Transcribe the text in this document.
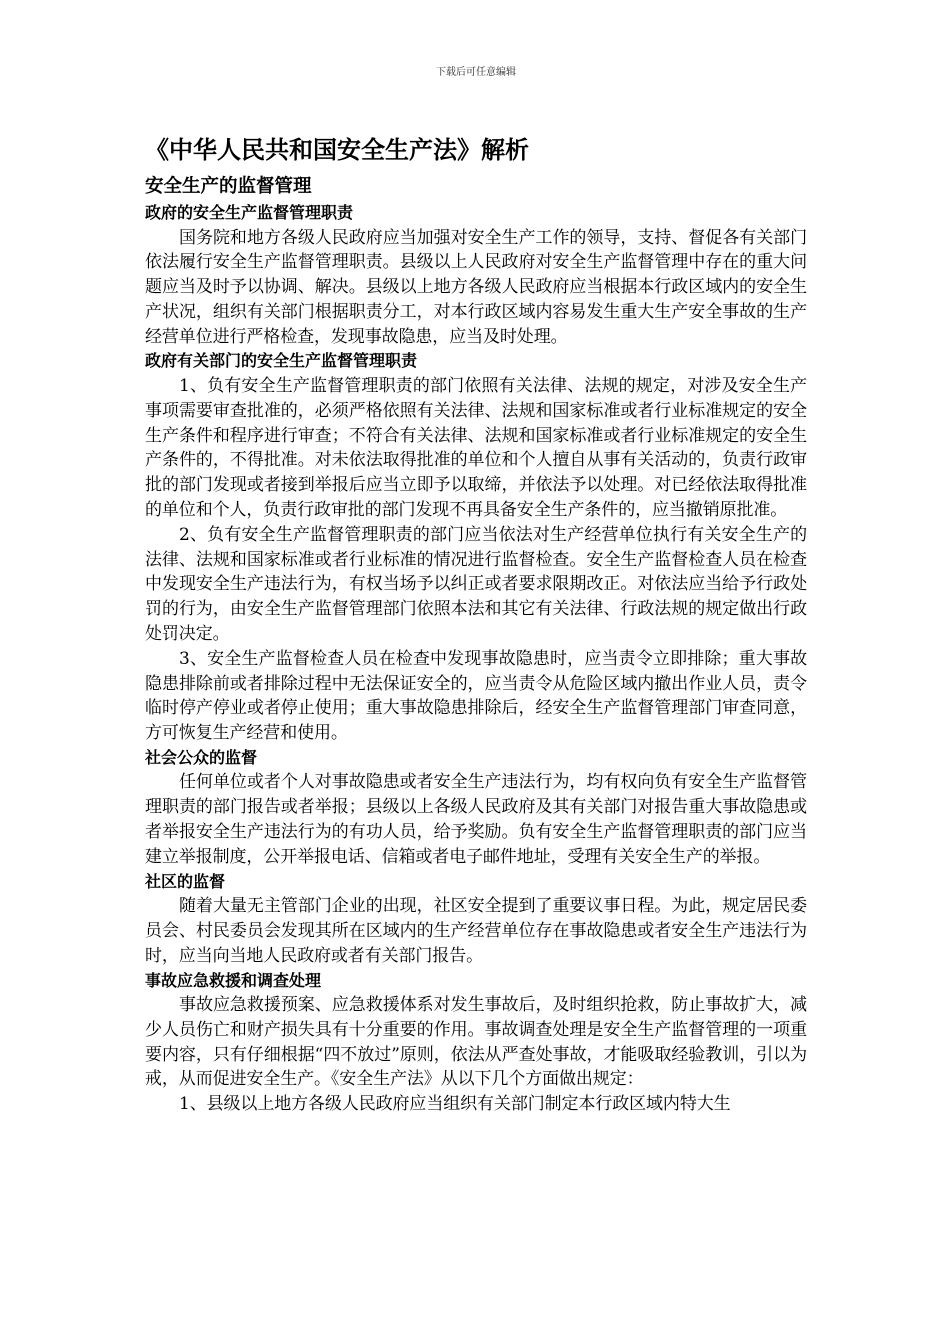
下载后可任意编辑
《中华人民共和国安全生产法》解析
安全生产的监督管理
政府的安全生产监督管理职责

国务院和地方各级人民政府应当加强对安全生产工作的领导，支持、督促各有关部门依法履行安全生产监督管理职责。县级以上人民政府对安全生产监督管理中存在的重大问题应当及时予以协调、解决。县级以上地方各级人民政府应当根据本行政区域内的安全生产状况，组织有关部门根据职责分工，对本行政区域内容易发生重大生产安全事故的生产经营单位进行严格检查，发现事故隐患，应当及时处理。

政府有关部门的安全生产监督管理职责

1、负有安全生产监督管理职责的部门依照有关法律、法规的规定，对涉及安全生产事项需要审查批准的，必须严格依照有关法律、法规和国家标准或者行业标准规定的安全生产条件和程序进行审查；不符合有关法律、法规和国家标准或者行业标准规定的安全生产条件的，不得批准。对未依法取得批准的单位和个人擅自从事有关活动的，负责行政审批的部门发现或者接到举报后应当立即予以取缔，并依法予以处理。对已经依法取得批准的单位和个人，负责行政审批的部门发现不再具备安全生产条件的，应当撤销原批准。

2、负有安全生产监督管理职责的部门应当依法对生产经营单位执行有关安全生产的法律、法规和国家标准或者行业标准的情况进行监督检查。安全生产监督检查人员在检查中发现安全生产违法行为，有权当场予以纠正或者要求限期改正。对依法应当给予行政处罚的行为，由安全生产监督管理部门依照本法和其它有关法律、行政法规的规定做出行政处罚决定。

3、安全生产监督检查人员在检查中发现事故隐患时，应当责令立即排除；重大事故隐患排除前或者排除过程中无法保证安全的，应当责令从危险区域内撤出作业人员，责令临时停产停业或者停止使用；重大事故隐患排除后，经安全生产监督管理部门审查同意，方可恢复生产经营和使用。

社会公众的监督

任何单位或者个人对事故隐患或者安全生产违法行为，均有权向负有安全生产监督管理职责的部门报告或者举报；县级以上各级人民政府及其有关部门对报告重大事故隐患或者举报安全生产违法行为的有功人员，给予奖励。负有安全生产监督管理职责的部门应当建立举报制度，公开举报电话、信箱或者电子邮件地址，受理有关安全生产的举报。

社区的监督

随着大量无主管部门企业的出现，社区安全提到了重要议事日程。为此，规定居民委员会、村民委员会发现其所在区域内的生产经营单位存在事故隐患或者安全生产违法行为时，应当向当地人民政府或者有关部门报告。

事故应急救援和调查处理

事故应急救援预案、应急救援体系对发生事故后，及时组织抢救，防止事故扩大，减少人员伤亡和财产损失具有十分重要的作用。事故调查处理是安全生产监督管理的一项重要内容，只有仔细根据“四不放过”原则，依法从严查处事故，才能吸取经验教训，引以为戒，从而促进安全生产。《安全生产法》从以下几个方面做出规定：

1、县级以上地方各级人民政府应当组织有关部门制定本行政区域内特大生
